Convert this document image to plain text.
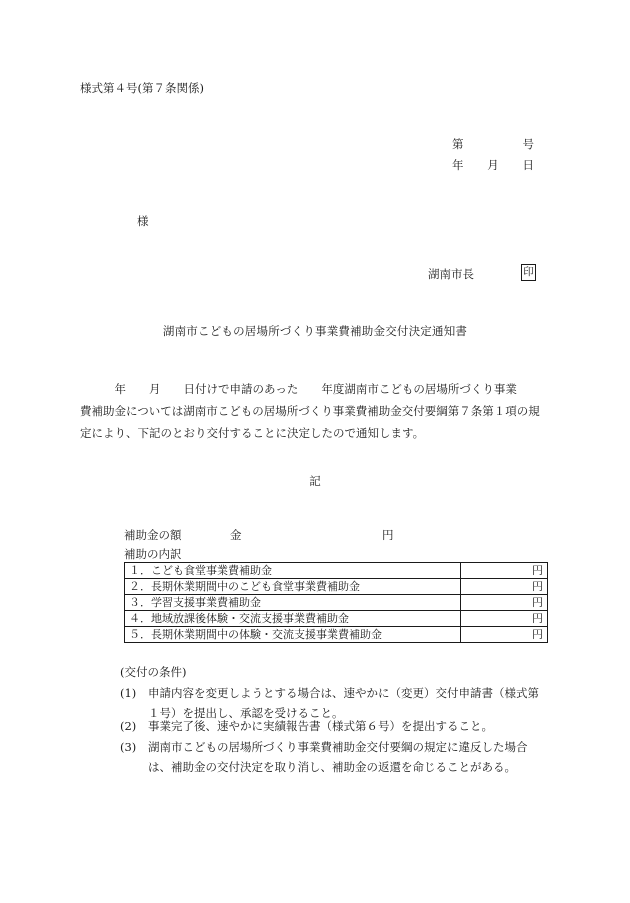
様式第４号(第７条関係)
第	号
年 月 日
様
湖南市長	印
湖南市こどもの居場所づくり事業費補助金交付決定通知書

　　　年　　月　　日付けで申請のあった　　年度湖南市こどもの居場所づくり事業

費補助金については湖南市こどもの居場所づくり事業費補助金交付要綱第７条第１項の規

定により、下記のとおり交付することに決定したので通知します。

記
補助金の額	金	円
補助の内訳
１．こども食堂事業費補助金	円
２．長期休業期間中のこども食堂事業費補助金	円
３．学習支援事業費補助金	円
４．地域放課後体験・交流支援事業費補助金	円
５．長期休業期間中の体験・交流支援事業費補助金	円
(交付の条件)
(1)	申請内容を変更しようとする場合は、速やかに（変更）交付申請書（様式第
１号）を提出し、承認を受けること。
(2)	事業完了後、速やかに実績報告書（様式第６号）を提出すること。
(3)	湖南市こどもの居場所づくり事業費補助金交付要綱の規定に違反した場合
は、補助金の交付決定を取り消し、補助金の返還を命じることがある。
